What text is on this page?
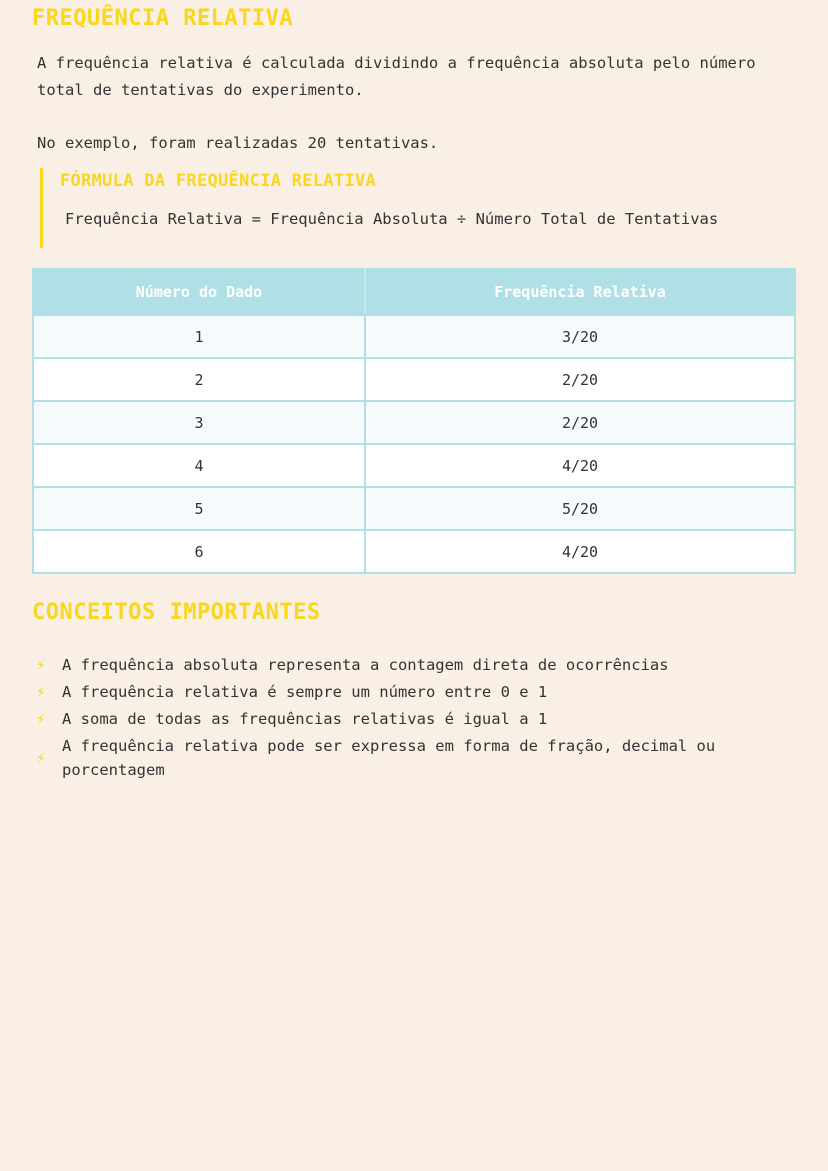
FREQUÊNCIA RELATIVA

A frequência relativa é calculada dividindo a frequência absoluta pelo número total de tentativas do experimento.

No exemplo, foram realizadas 20 tentativas.

FÓRMULA DA FREQUÊNCIA RELATIVA

Frequência Relativa = Frequência Absoluta ÷ Número Total de Tentativas

Número do Dado	Frequência Relativa
1	3/20
2	2/20
3	2/20
4	4/20
5	5/20
6	4/20
CONCEITOS IMPORTANTES
⚡︎ A frequência absoluta representa a contagem direta de ocorrências
⚡︎ A frequência relativa é sempre um número entre 0 e 1
⚡︎ A soma de todas as frequências relativas é igual a 1
⚡︎
A frequência relativa pode ser expressa em forma de fração, decimal ou porcentagem
